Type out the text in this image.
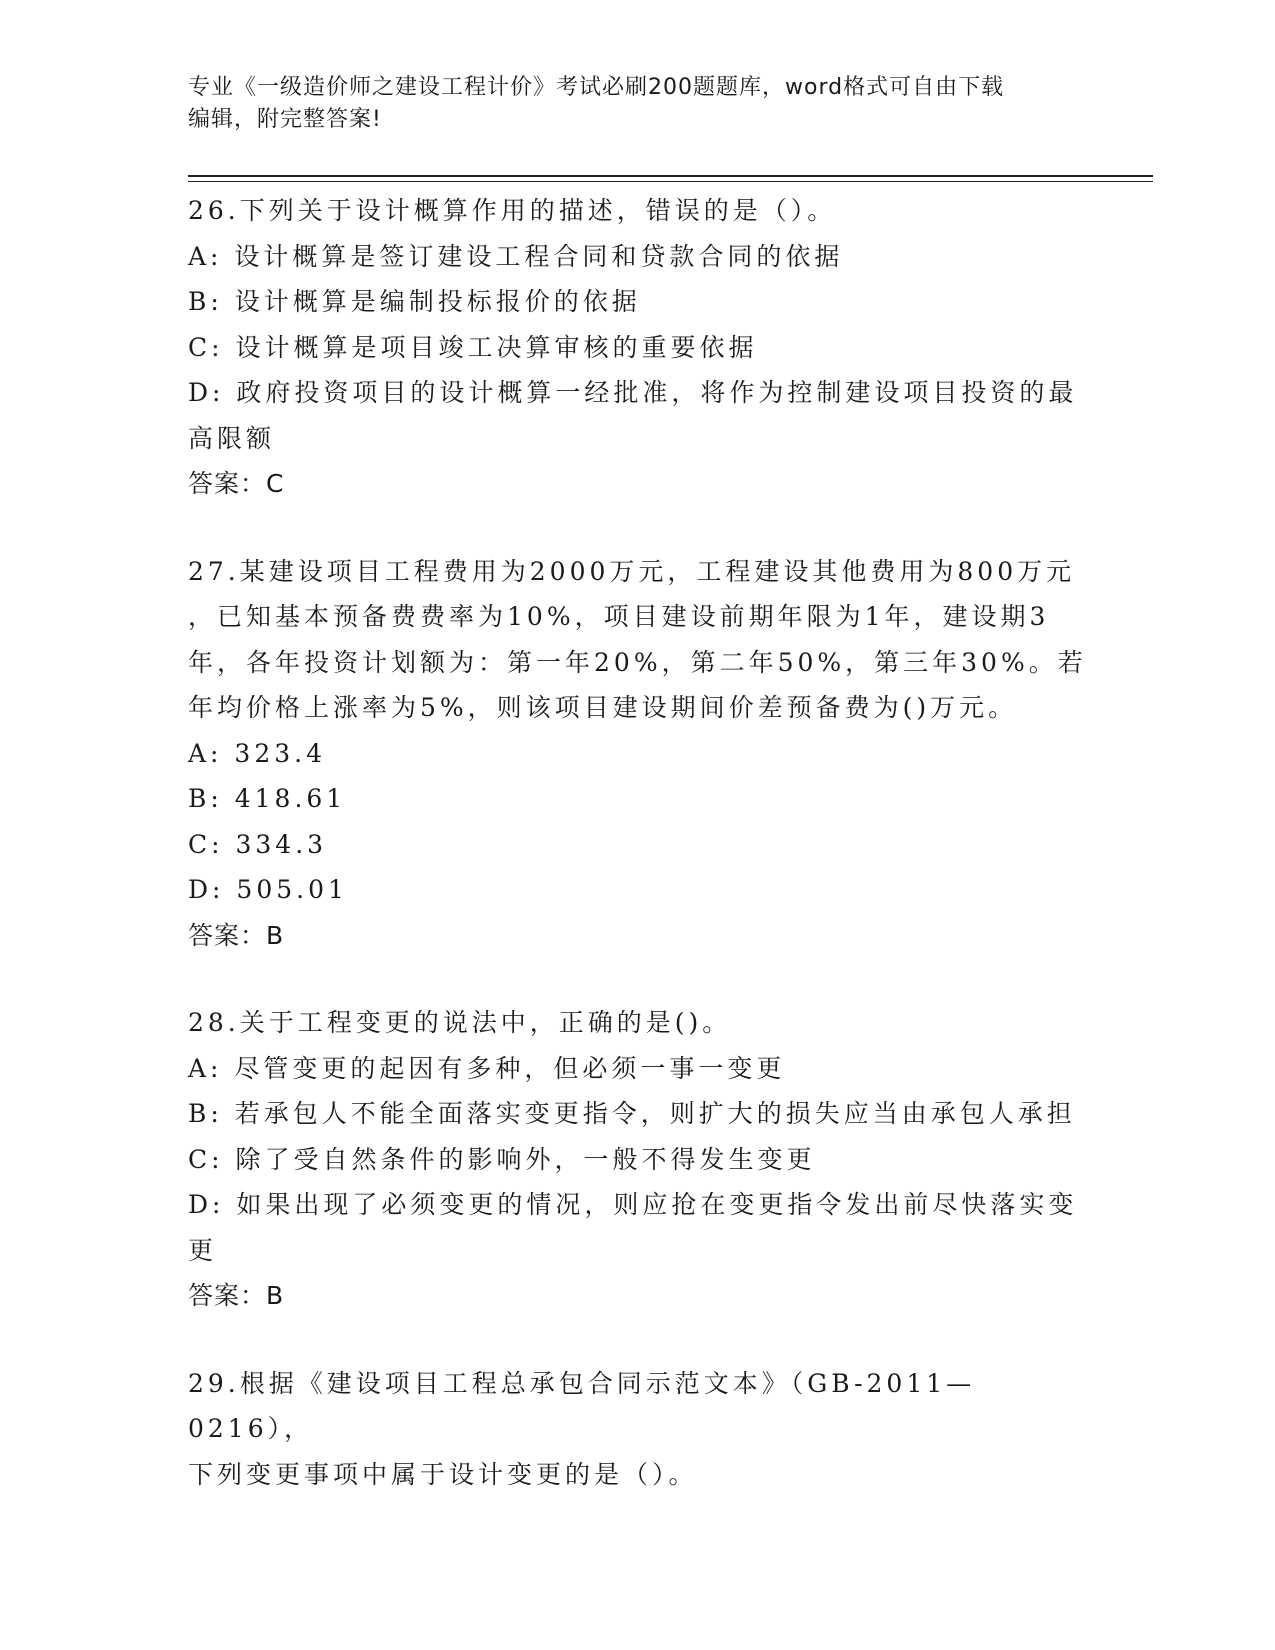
专业《一级造价师之建设工程计价》考试必刷200题题库，word格式可自由下载
编辑，附完整答案!

26.下列关于设计概算作用的描述，错误的是（）。

A: 设计概算是签订建设工程合同和贷款合同的依据

B: 设计概算是编制投标报价的依据

C: 设计概算是项目竣工决算审核的重要依据

D: 政府投资项目的设计概算一经批准，将作为控制建设项目投资的最

高限额

答案：C

27.某建设项目工程费用为2000万元，工程建设其他费用为800万元

，已知基本预备费费率为10%，项目建设前期年限为1年，建设期3

年，各年投资计划额为：第一年20%，第二年50%，第三年30%。若

年均价格上涨率为5%，则该项目建设期间价差预备费为()万元。

A: 323.4

B: 418.61

C: 334.3

D: 505.01

答案：B

28.关于工程变更的说法中，正确的是()。

A: 尽管变更的起因有多种，但必须一事一变更

B: 若承包人不能全面落实变更指令，则扩大的损失应当由承包人承担

C: 除了受自然条件的影响外，一般不得发生变更

D: 如果出现了必须变更的情况，则应抢在变更指令发出前尽快落实变

更

答案：B

29.根据《建设项目工程总承包合同示范文本》（GB-2011—0216），

下列变更事项中属于设计变更的是（）。
